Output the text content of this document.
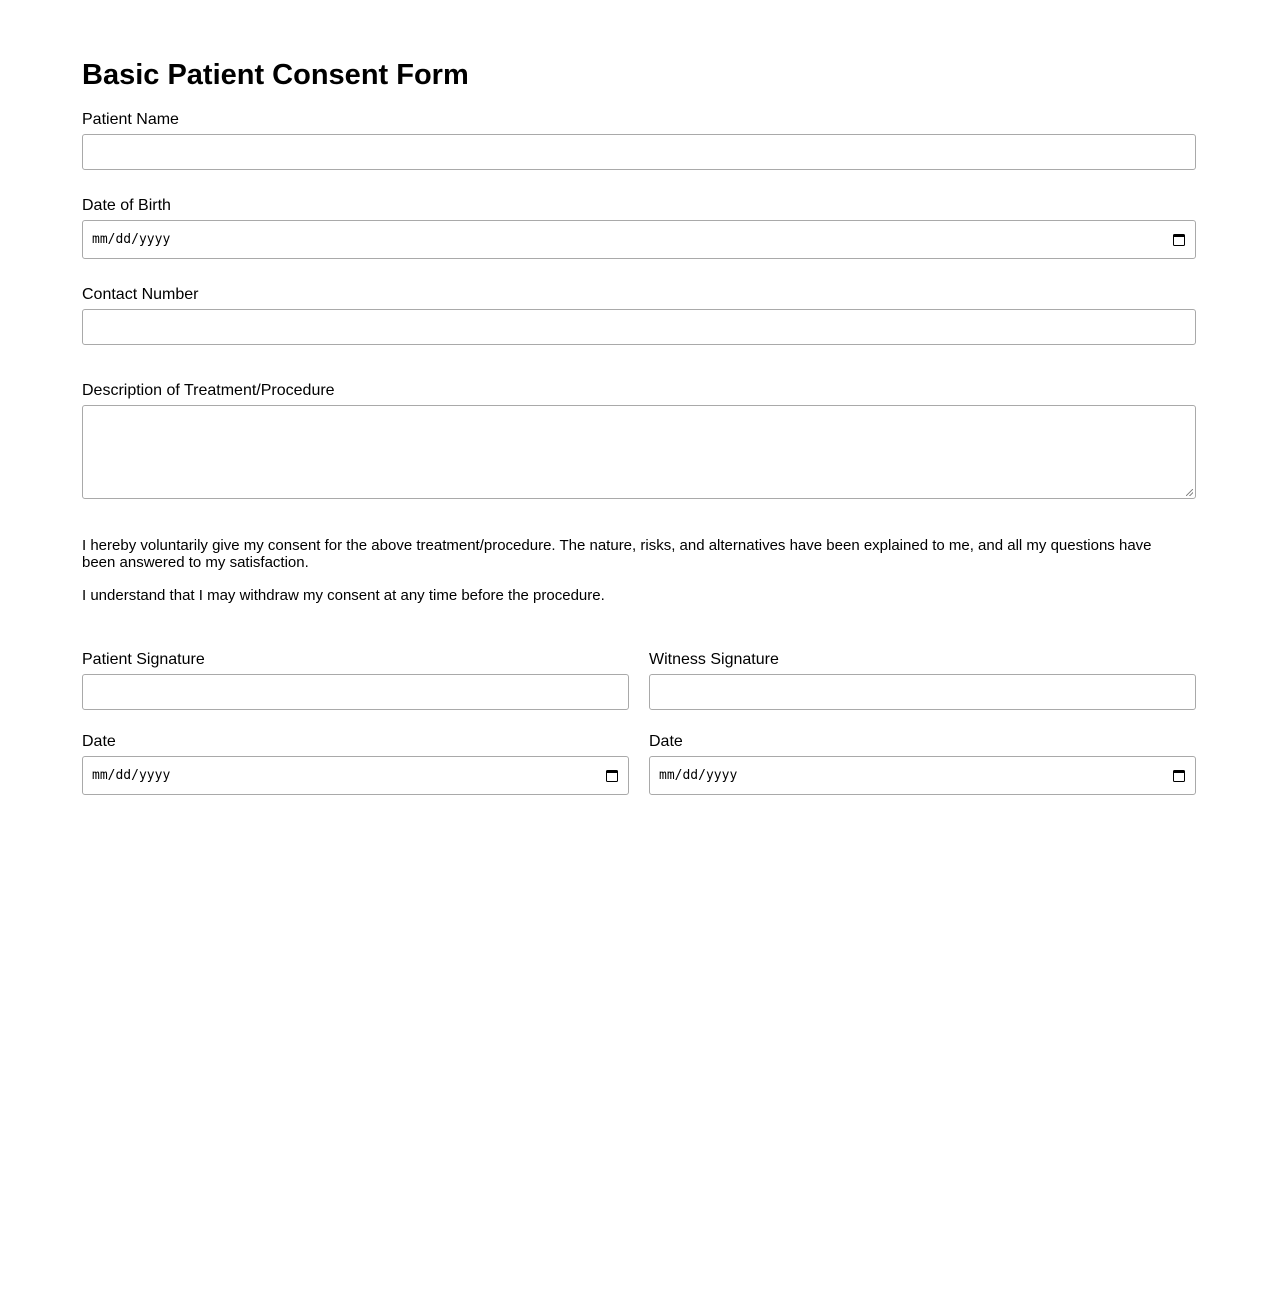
Basic Patient Consent Form
Patient Name
Date of Birth
mm/dd/yyyy
Contact Number
Description of Treatment/Procedure

I hereby voluntarily give my consent for the above treatment/procedure. The nature, risks, and alternatives have been explained to me, and all my questions have been answered to my satisfaction.

I understand that I may withdraw my consent at any time before the procedure.

Patient Signature	Witness Signature
Date
mm/dd/yyyy
Date
mm/dd/yyyy
